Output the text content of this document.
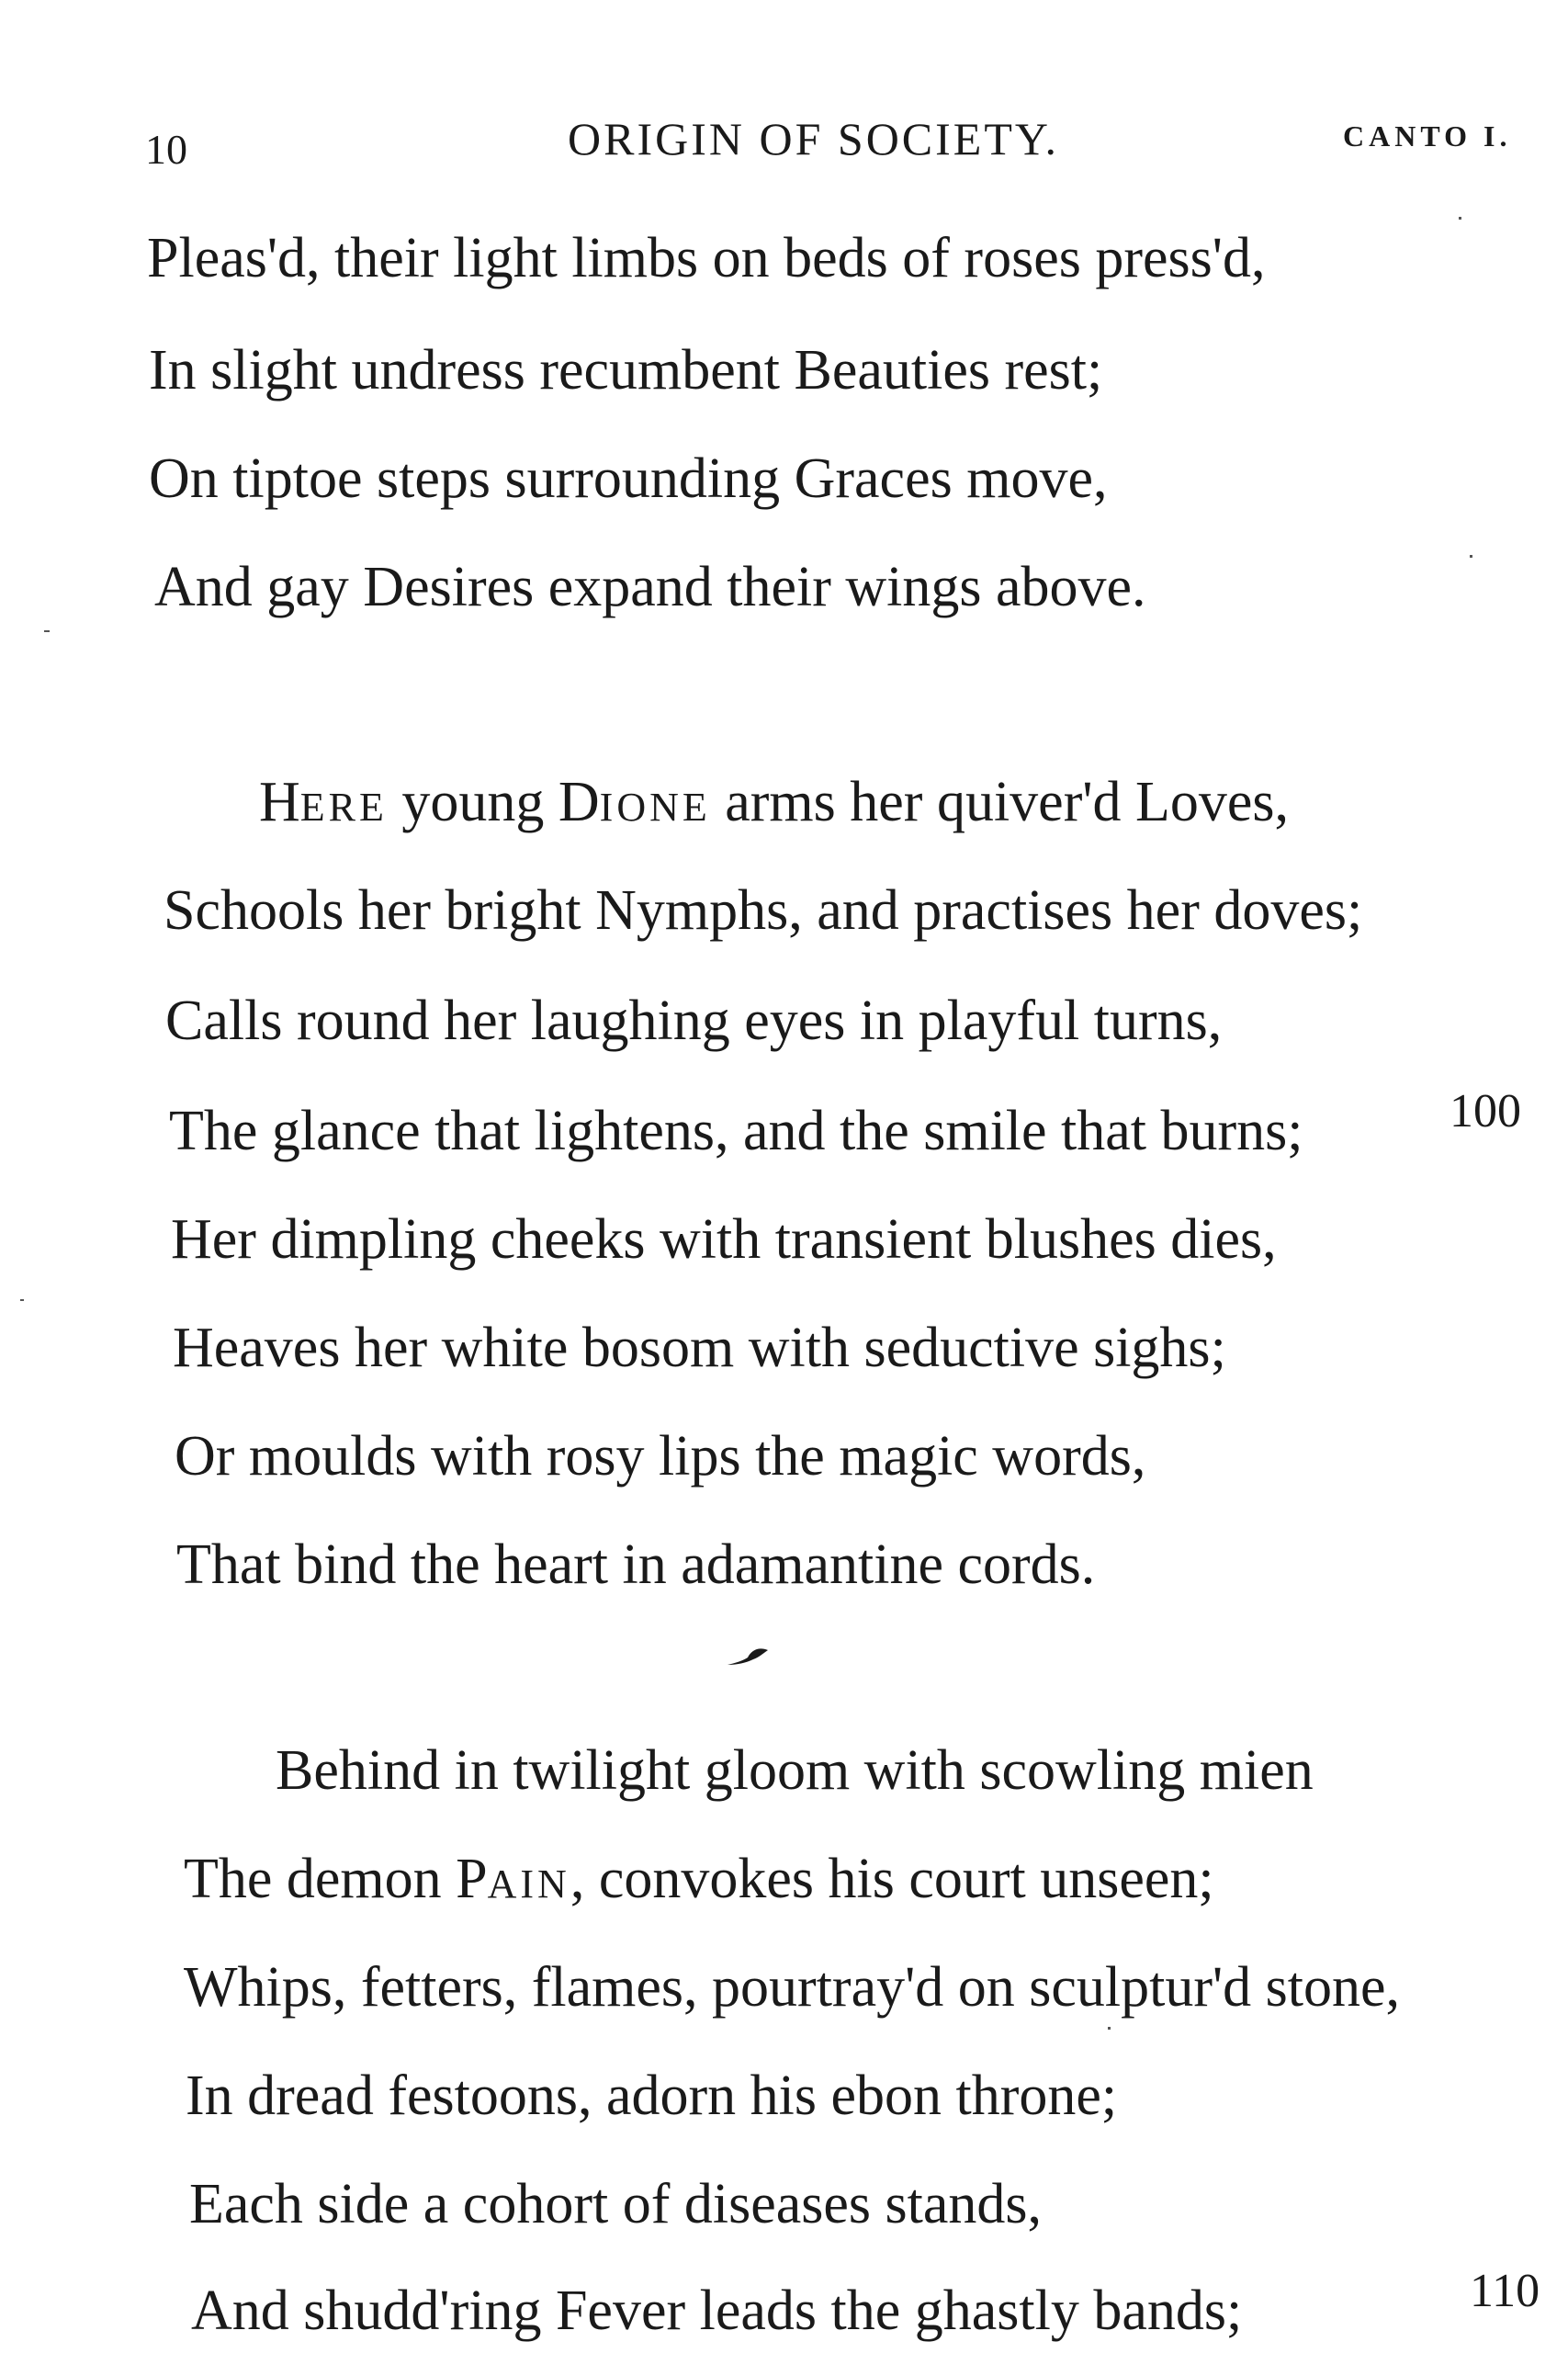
10	ORIGIN OF SOCIETY.	CANTO I.
Pleas'd, their light limbs on beds of roses press'd,
In slight undress recumbent Beauties rest;
On tiptoe steps surrounding Graces move,
And gay Desires expand their wings above.
HERE young DIONE arms her quiver'd Loves,
Schools her bright Nymphs, and practises her doves;
Calls round her laughing eyes in playful turns,
The glance that lightens, and the smile that burns;	100
Her dimpling cheeks with transient blushes dies,
Heaves her white bosom with seductive sighs;
Or moulds with rosy lips the magic words,
That bind the heart in adamantine cords.
Behind in twilight gloom with scowling mien
The demon PAIN, convokes his court unseen;
Whips, fetters, flames, pourtray'd on sculptur'd stone,
In dread festoons, adorn his ebon throne;
Each side a cohort of diseases stands,
And shudd'ring Fever leads the ghastly bands;	110
